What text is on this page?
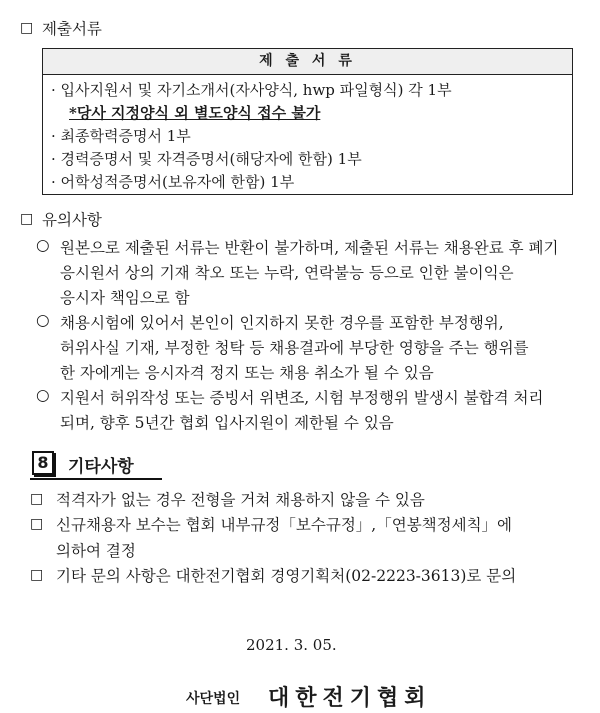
□ 제출서류
제 출 서 류
· 입사지원서 및 자기소개서(자사양식, hwp 파일형식) 각 1부
*당사 지정양식 외 별도양식 접수 불가
· 최종학력증명서 1부
· 경력증명서 및 자격증명서(해당자에 한함) 1부
· 어학성적증명서(보유자에 한함) 1부
□ 유의사항
○ 원본으로 제출된 서류는 반환이 불가하며, 제출된 서류는 채용완료 후 폐기
응시원서 상의 기재 착오 또는 누락, 연락불능 등으로 인한 불이익은
응시자 책임으로 함
○ 채용시험에 있어서 본인이 인지하지 못한 경우를 포함한 부정행위,
허위사실 기재, 부정한 청탁 등 채용결과에 부당한 영향을 주는 행위를
한 자에게는 응시자격 정지 또는 채용 취소가 될 수 있음
○ 지원서 허위작성 또는 증빙서 위변조, 시험 부정행위 발생시 불합격 처리
되며, 향후 5년간 협회 입사지원이 제한될 수 있음
8	기타사항
□ 적격자가 없는 경우 전형을 거쳐 채용하지 않을 수 있음
□ 신규채용자 보수는 협회 내부규정「보수규정」,「연봉책정세칙」에
의하여 결정
□ 기타 문의 사항은 대한전기협회 경영기획처(02-2223-3613)로 문의
2021. 3. 05.
사단법인 대한전기협회
